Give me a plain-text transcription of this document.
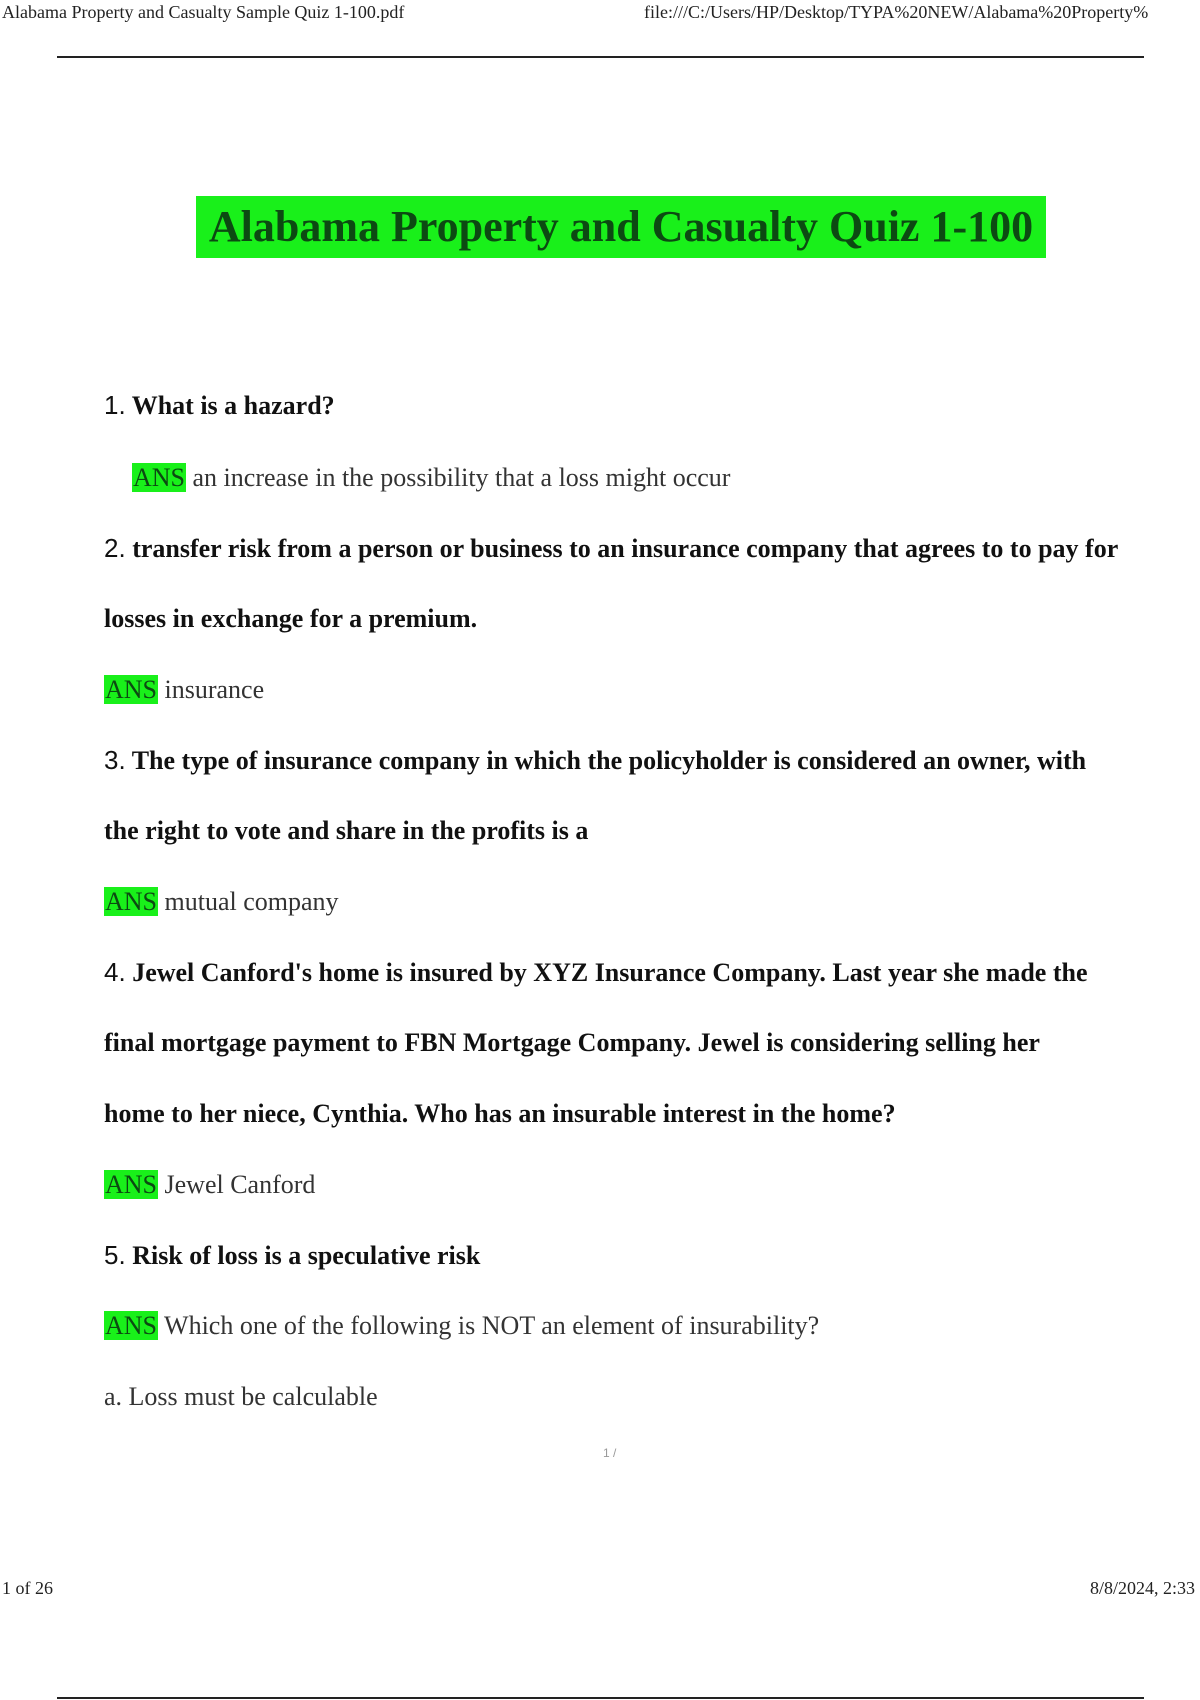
Alabama Property and Casualty Sample Quiz 1-100.pdf	file:///C:/Users/HP/Desktop/TYPA%20NEW/Alabama%20Property%
Alabama Property and Casualty Quiz 1-100
1. What is a hazard?
ANS an increase in the possibility that a loss might occur
2. transfer risk from a person or business to an insurance company that agrees to to pay for
losses in exchange for a premium.
ANS insurance
3. The type of insurance company in which the policyholder is considered an owner, with
the right to vote and share in the profits is a
ANS mutual company
4. Jewel Canford's home is insured by XYZ Insurance Company. Last year she made the
final mortgage payment to FBN Mortgage Company. Jewel is considering selling her
home to her niece, Cynthia. Who has an insurable interest in the home?
ANS Jewel Canford
5. Risk of loss is a speculative risk
ANS Which one of the following is NOT an element of insurability?
a. Loss must be calculable
1 /
1 of 26	8/8/2024, 2:33
